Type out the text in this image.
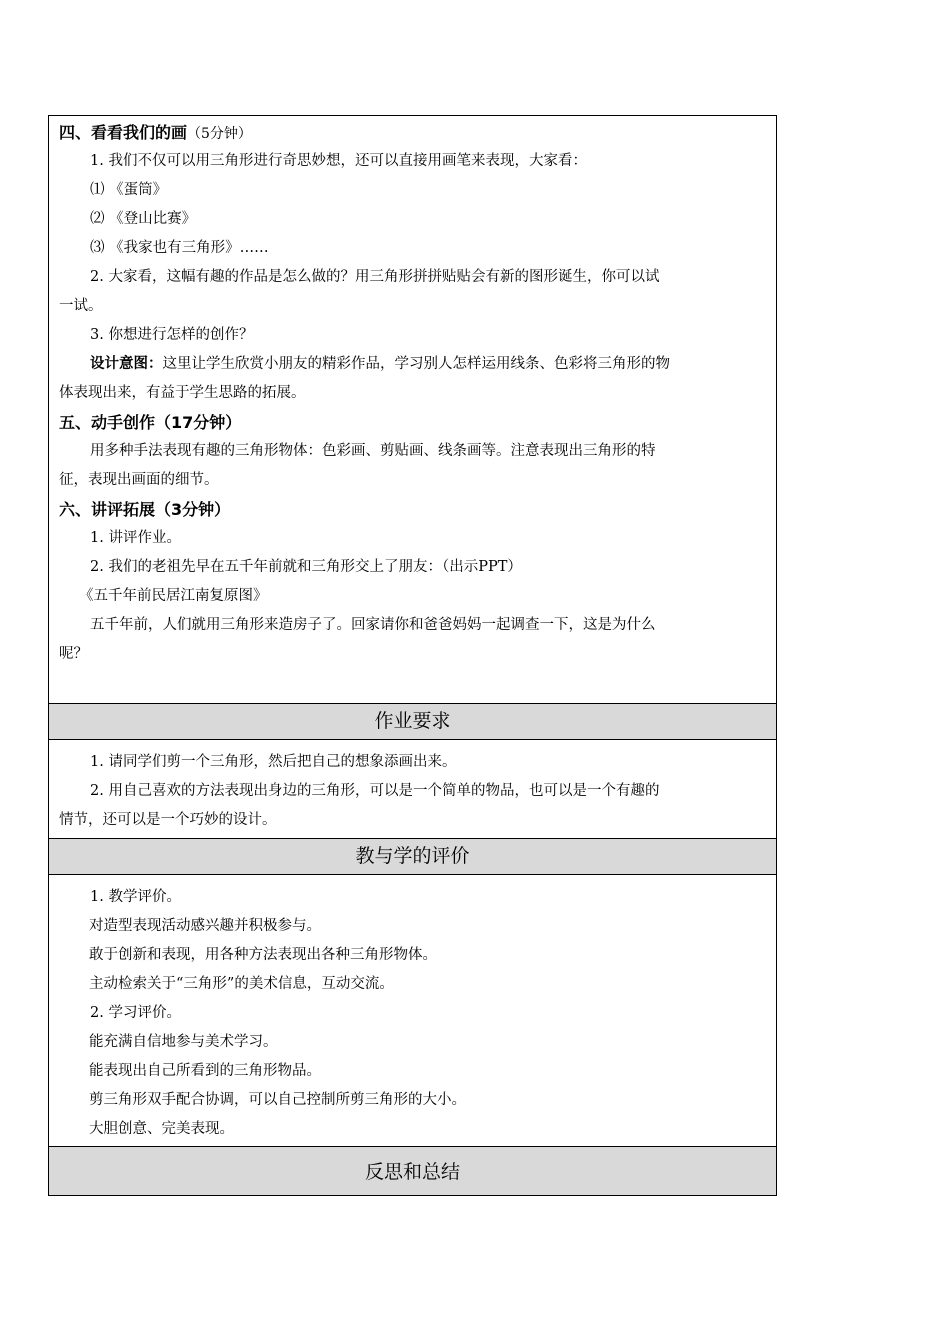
四、看看我们的画（5分钟）
1. 我们不仅可以用三角形进行奇思妙想，还可以直接用画笔来表现，大家看：
⑴ 《蛋筒》
⑵ 《登山比赛》
⑶ 《我家也有三角形》……
2. 大家看，这幅有趣的作品是怎么做的？用三角形拼拼贴贴会有新的图形诞生，你可以试
一试。
3. 你想进行怎样的创作？
设计意图：这里让学生欣赏小朋友的精彩作品，学习别人怎样运用线条、色彩将三角形的物
体表现出来，有益于学生思路的拓展。
五、动手创作（17分钟）
用多种手法表现有趣的三角形物体：色彩画、剪贴画、线条画等。注意表现出三角形的特
征，表现出画面的细节。
六、讲评拓展（3分钟）
1. 讲评作业。
2. 我们的老祖先早在五千年前就和三角形交上了朋友：（出示PPT）
《五千年前民居江南复原图》
五千年前，人们就用三角形来造房子了。回家请你和爸爸妈妈一起调查一下，这是为什么
呢？
作业要求
1. 请同学们剪一个三角形，然后把自己的想象添画出来。
2. 用自己喜欢的方法表现出身边的三角形，可以是一个简单的物品，也可以是一个有趣的
情节，还可以是一个巧妙的设计。
教与学的评价
1. 教学评价。
对造型表现活动感兴趣并积极参与。
敢于创新和表现，用各种方法表现出各种三角形物体。
主动检索关于“三角形”的美术信息，互动交流。
2. 学习评价。
能充满自信地参与美术学习。
能表现出自己所看到的三角形物品。
剪三角形双手配合协调，可以自己控制所剪三角形的大小。
大胆创意、完美表现。
反思和总结
